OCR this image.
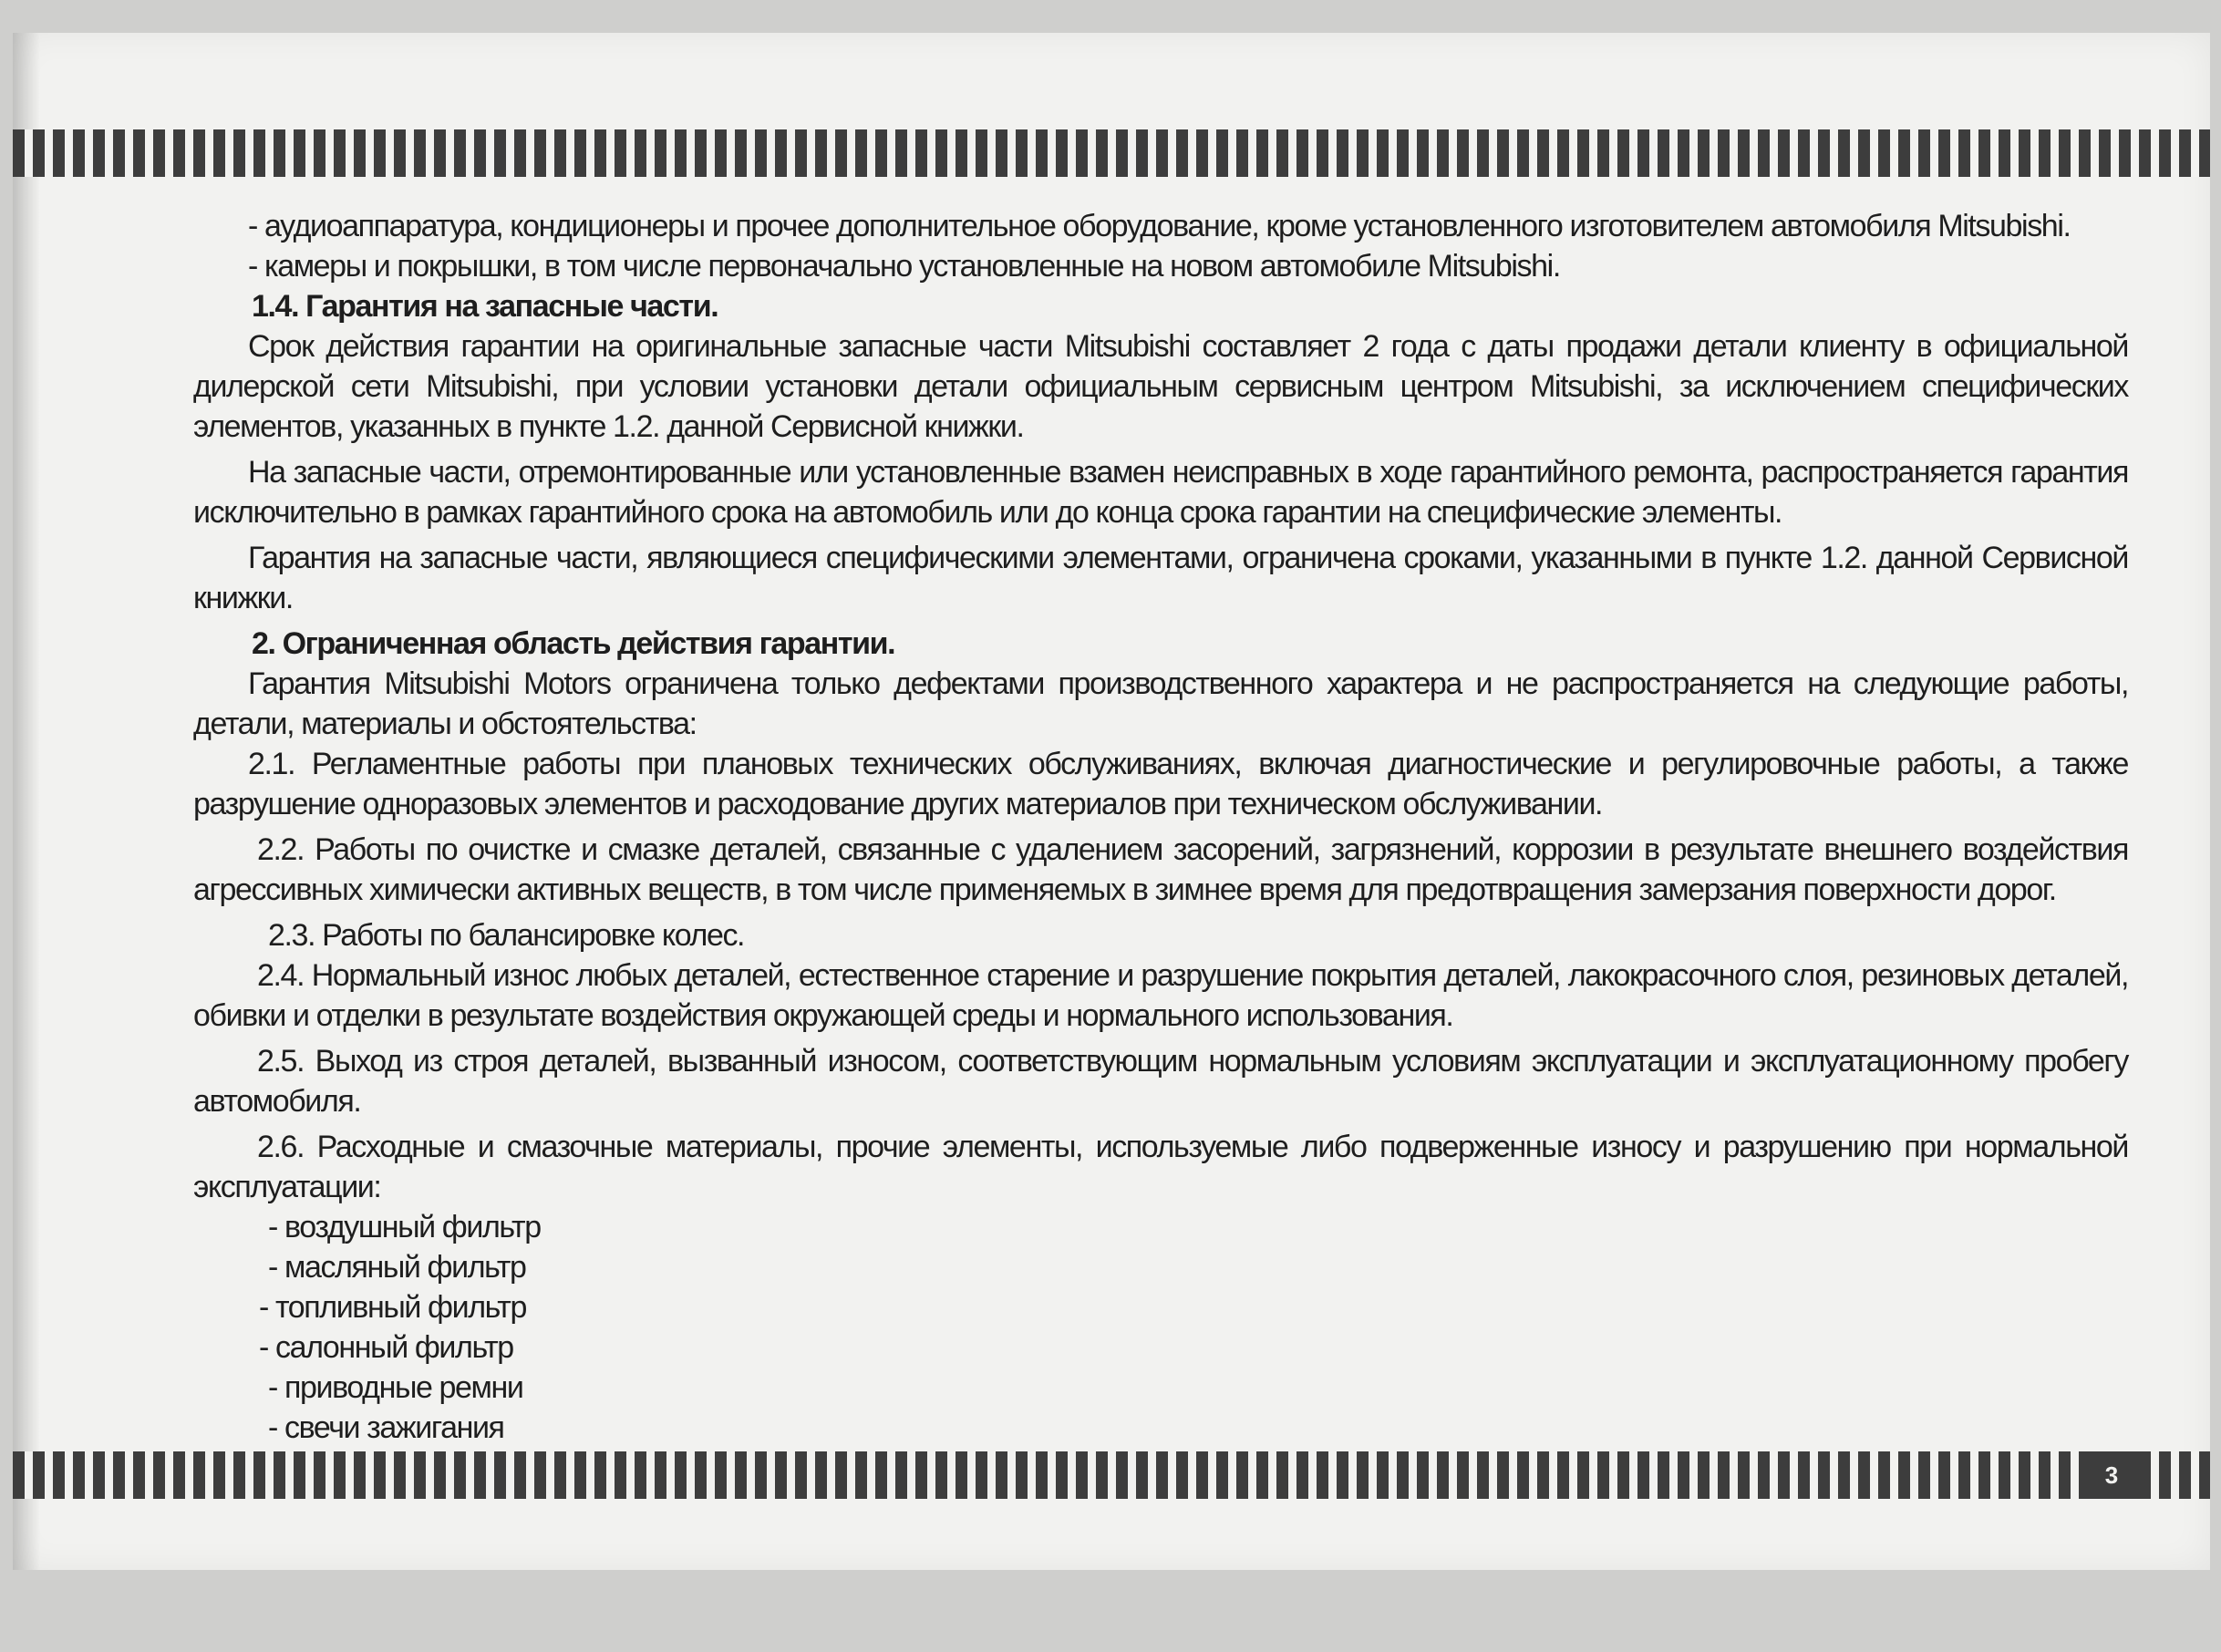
- аудиоаппаратура, кондиционеры и прочее дополнительное оборудование, кроме установленного изготовителем автомобиля Mitsubishi.

- камеры и покрышки, в том числе первоначально установленные на новом автомобиле Mitsubishi.

1.4. Гарантия на запасные части.

Срок действия гарантии на оригинальные запасные части Mitsubishi составляет 2 года с даты продажи детали клиенту в официальной дилерской сети Mitsubishi, при условии установки детали официальным сервисным центром Mitsubishi, за исключением специфических элементов, указанных в пункте 1.2. данной Сервисной книжки.

На запасные части, отремонтированные или установленные взамен неисправных в ходе гарантийного ремонта, распространяется гарантия исключительно в рамках гарантийного срока на автомобиль или до конца срока гарантии на специфические элементы.

Гарантия на запасные части, являющиеся специфическими элементами, ограничена сроками, указанными в пункте 1.2. данной Сервисной книжки.

2. Ограниченная область действия гарантии.

Гарантия Mitsubishi Motors ограничена только дефектами производственного характера и не распространяется на следующие работы, детали, материалы и обстоятельства:

2.1. Регламентные работы при плановых технических обслуживаниях, включая диагностические и регулировочные работы, а также разрушение одноразовых элементов и расходование других материалов при техническом обслуживании.

2.2. Работы по очистке и смазке деталей, связанные с удалением засорений, загрязнений, коррозии в результате внешнего воздействия агрессивных химически активных веществ, в том числе применяемых в зимнее время для предотвращения замерзания поверхности дорог.

2.3. Работы по балансировке колес.

2.4. Нормальный износ любых деталей, естественное старение и разрушение покрытия деталей, лакокрасочного слоя, резиновых деталей, обивки и отделки в результате воздействия окружающей среды и нормального использования.

2.5. Выход из строя деталей, вызванный износом, соответствующим нормальным условиям эксплуатации и эксплуатационному пробегу автомобиля.

2.6. Расходные и смазочные материалы, прочие элементы, используемые либо подверженные износу и разрушению при нормальной эксплуатации:

- воздушный фильтр

- масляный фильтр

- топливный фильтр

- салонный фильтр

- приводные ремни

- свечи зажигания

3
